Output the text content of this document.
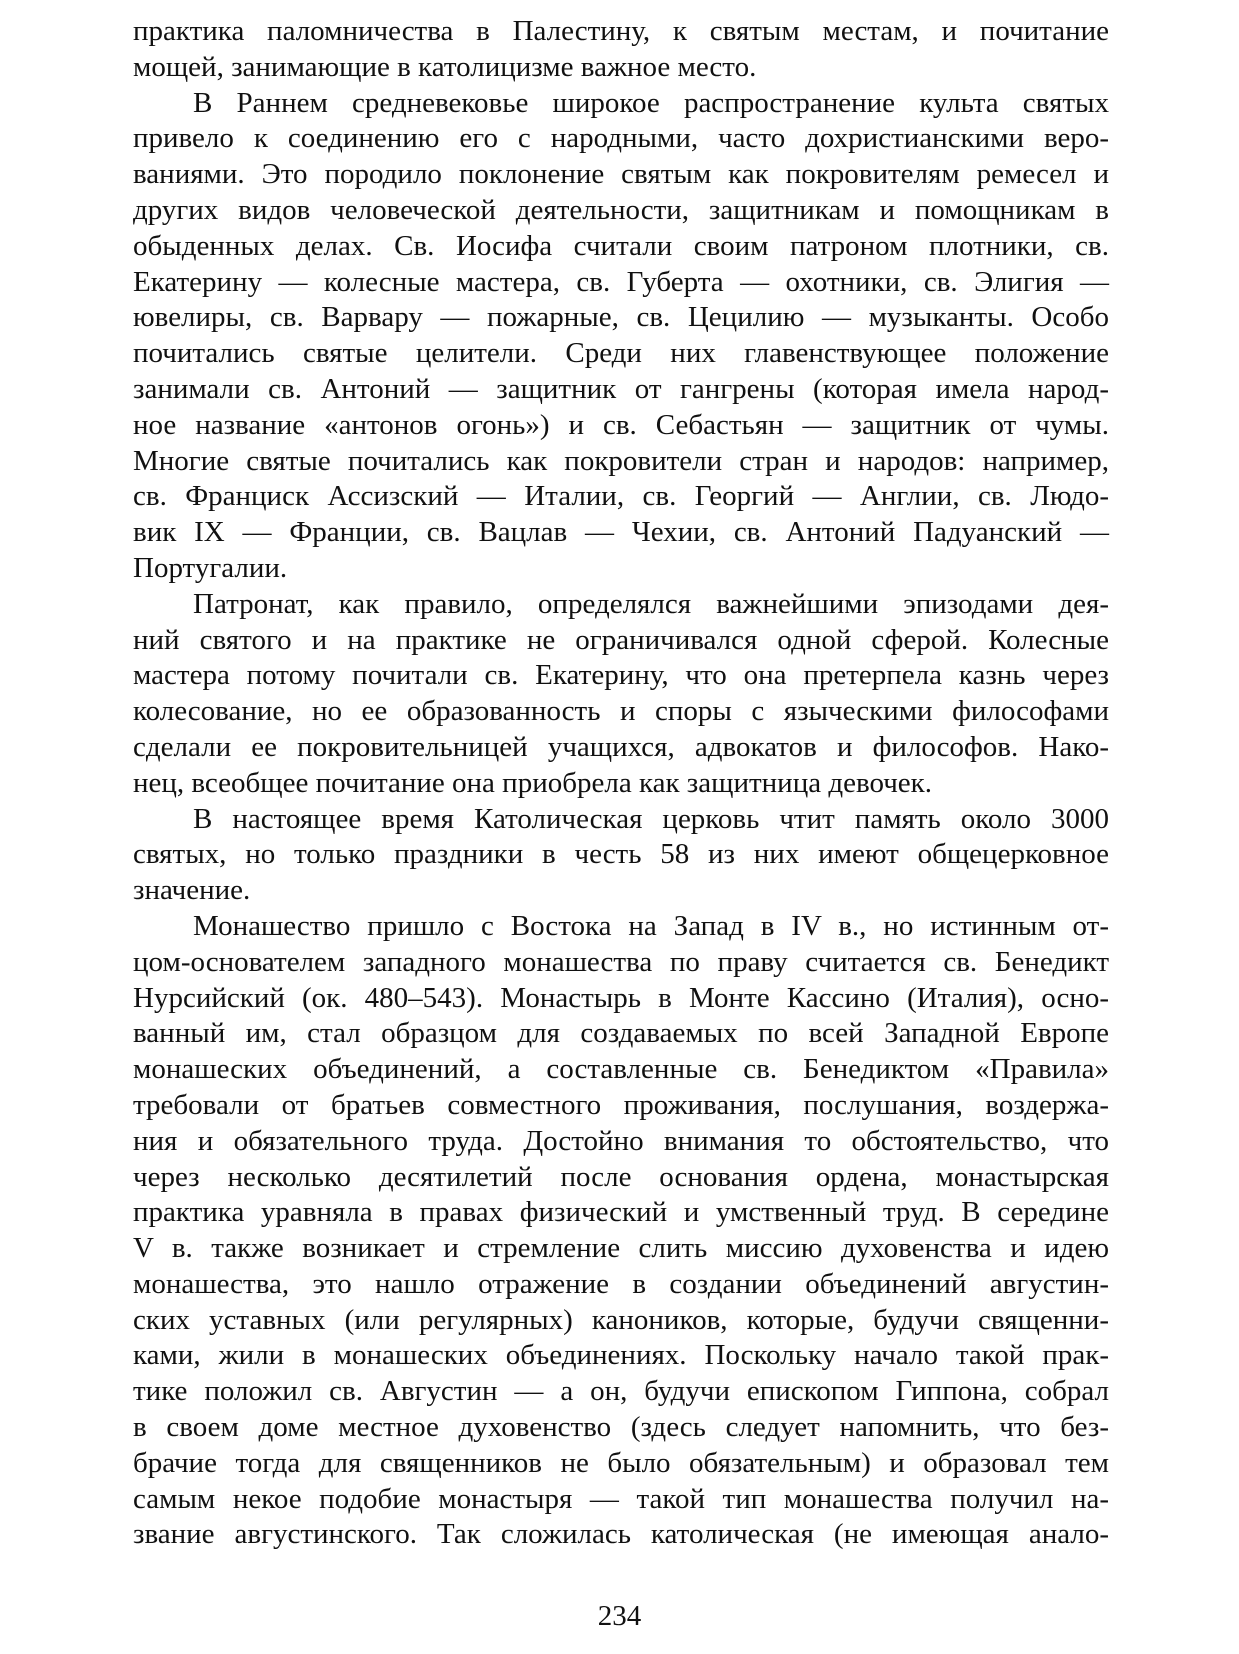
практика паломничества в Палестину, к святым местам, и почитание
мощей, занимающие в католицизме важное место.
В Раннем средневековье широкое распространение культа святых
привело к соединению его с народными, часто дохристианскими веро-
ваниями. Это породило поклонение святым как покровителям ремесел и
других видов человеческой деятельности, защитникам и помощникам в
обыденных делах. Св. Иосифа считали своим патроном плотники, св.
Екатерину — колесные мастера, св. Губерта — охотники, св. Элигия —
ювелиры, св. Варвару — пожарные, св. Цецилию — музыканты. Особо
почитались святые целители. Среди них главенствующее положение
занимали св. Антоний — защитник от гангрены (которая имела народ-
ное название «антонов огонь») и св. Себастьян — защитник от чумы.
Многие святые почитались как покровители стран и народов: например,
св. Франциск Ассизский — Италии, св. Георгий — Англии, св. Людо-
вик IX — Франции, св. Вацлав — Чехии, св. Антоний Падуанский —
Португалии.
Патронат, как правило, определялся важнейшими эпизодами дея-
ний святого и на практике не ограничивался одной сферой. Колесные
мастера потому почитали св. Екатерину, что она претерпела казнь через
колесование, но ее образованность и споры с языческими философами
сделали ее покровительницей учащихся, адвокатов и философов. Нако-
нец, всеобщее почитание она приобрела как защитница девочек.
В настоящее время Католическая церковь чтит память около 3000
святых, но только праздники в честь 58 из них имеют общецерковное
значение.
Монашество пришло с Востока на Запад в IV в., но истинным от-
цом-основателем западного монашества по праву считается св. Бенедикт
Нурсийский (ок. 480–543). Монастырь в Монте Кассино (Италия), осно-
ванный им, стал образцом для создаваемых по всей Западной Европе
монашеских объединений, а составленные св. Бенедиктом «Правила»
требовали от братьев совместного проживания, послушания, воздержа-
ния и обязательного труда. Достойно внимания то обстоятельство, что
через несколько десятилетий после основания ордена, монастырская
практика уравняла в правах физический и умственный труд. В середине
V в. также возникает и стремление слить миссию духовенства и идею
монашества, это нашло отражение в создании объединений августин-
ских уставных (или регулярных) каноников, которые, будучи священни-
ками, жили в монашеских объединениях. Поскольку начало такой прак-
тике положил св. Августин — а он, будучи епископом Гиппона, собрал
в своем доме местное духовенство (здесь следует напомнить, что без-
брачие тогда для священников не было обязательным) и образовал тем
самым некое подобие монастыря — такой тип монашества получил на-
звание августинского. Так сложилась католическая (не имеющая анало-
234
